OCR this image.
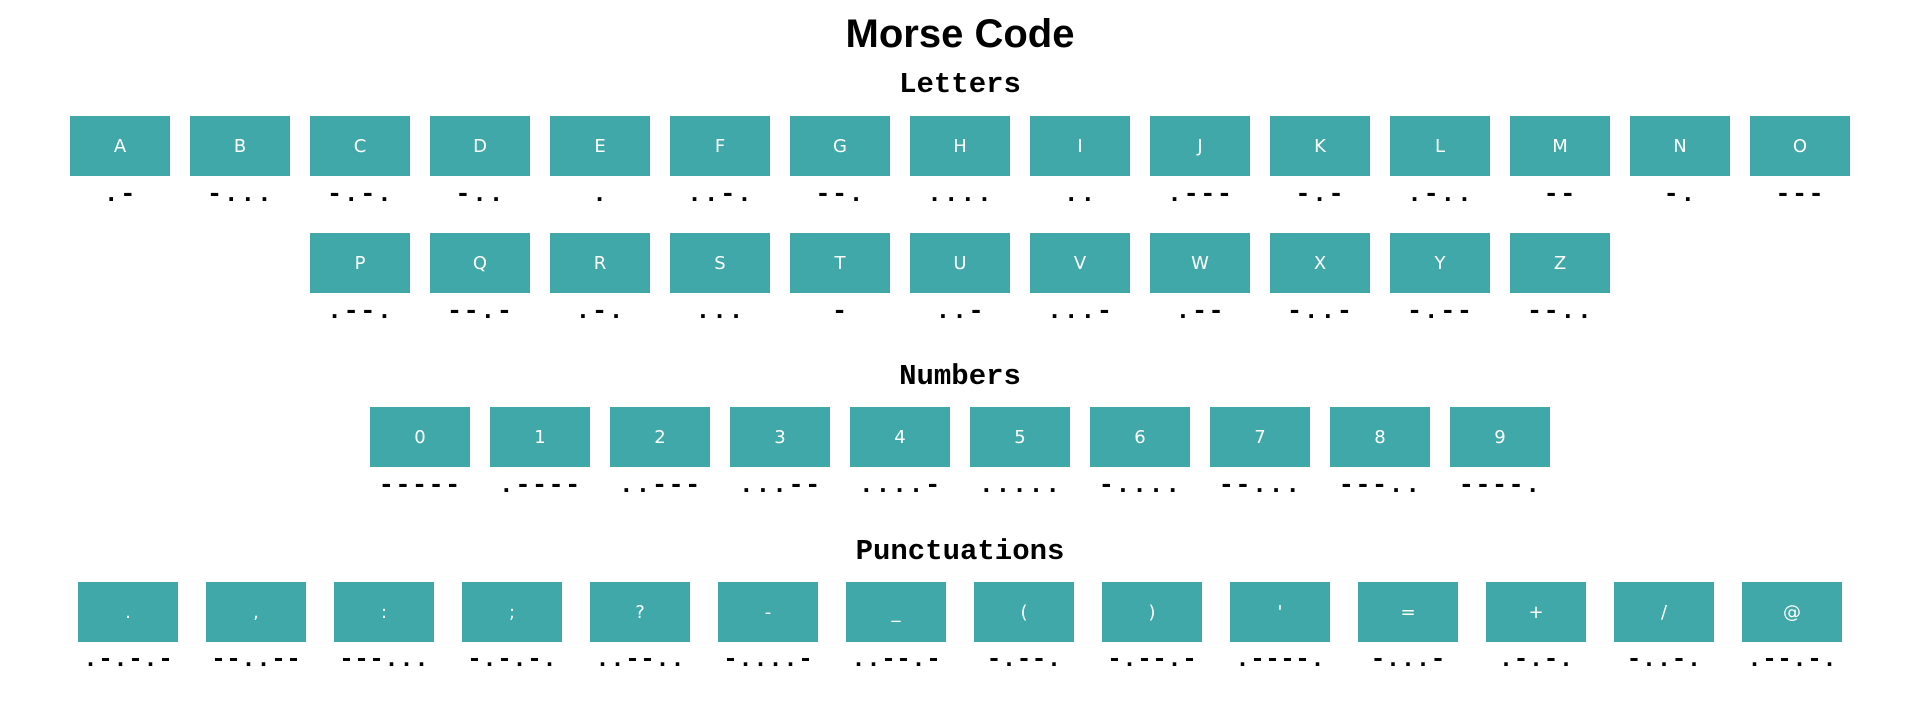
Morse Code
Letters
A
.-
B
-...
C
-.-.
D
-..
E
.
F
..-.
G
--.
H
....
I
..
J
.---
K
-.-
L
.-..
M
--
N
-.
O
---
P
.--.
Q
--.-
R
.-.
S
...
T
-
U
..-
V
...-
W
.--
X
-..-
Y
-.--
Z
--..
Numbers
0
-----
1
.----
2
..---
3
...--
4
....-
5
.....
6
-....
7
--...
8
---..
9
----.
Punctuations
.
.-.-.-
,
--..--
:
---...
;
-.-.-.
?
..--..
-
-....-
_
..--.-
(
-.--.
)
-.--.-
'
.----.
=
-...-
+
.-.-.
/
-..-.
@
.--.-.
